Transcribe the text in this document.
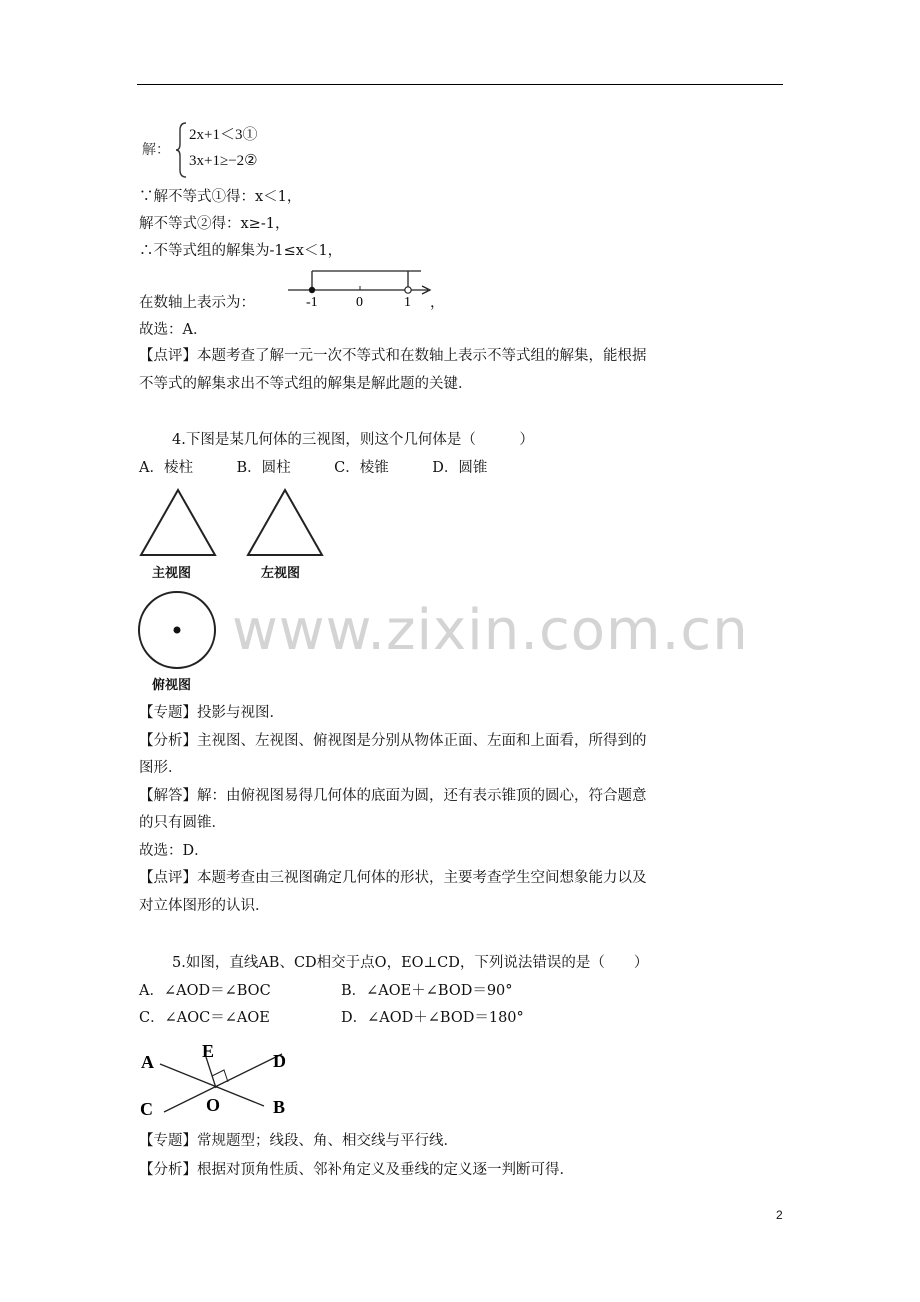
解：
2x+1＜3①
3x+1≥−2②
∵解不等式①得：x＜1，
解不等式②得：x≥-1，
∴不等式组的解集为-1≤x＜1，
在数轴上表示为：	-1	0	1 ，
故选：A．
【点评】本题考查了解一元一次不等式和在数轴上表示不等式组的解集，能根据
不等式的解集求出不等式组的解集是解此题的关键．
4.下图是某几何体的三视图，则这个几何体是（　　　）
A．棱柱　　　B．圆柱　　　C．棱锥　　　D．圆锥
主视图	左视图
俯视图
www.zixin.com.cn
【专题】投影与视图．
【分析】主视图、左视图、俯视图是分别从物体正面、左面和上面看，所得到的
图形．
【解答】解：由俯视图易得几何体的底面为圆，还有表示锥顶的圆心，符合题意
的只有圆锥．
故选：D．
【点评】本题考查由三视图确定几何体的形状，主要考查学生空间想象能力以及
对立体图形的认识．
5.如图，直线AB、CD相交于点O，EO⊥CD，下列说法错误的是（　　）
A．∠AOD＝∠BOC	B．∠AOE＋∠BOD＝90°
C．∠AOC＝∠AOE	D．∠AOD＋∠BOD＝180°
A
E	D
C	O	B
【专题】常规题型；线段、角、相交线与平行线．
【分析】根据对顶角性质、邻补角定义及垂线的定义逐一判断可得．
2
